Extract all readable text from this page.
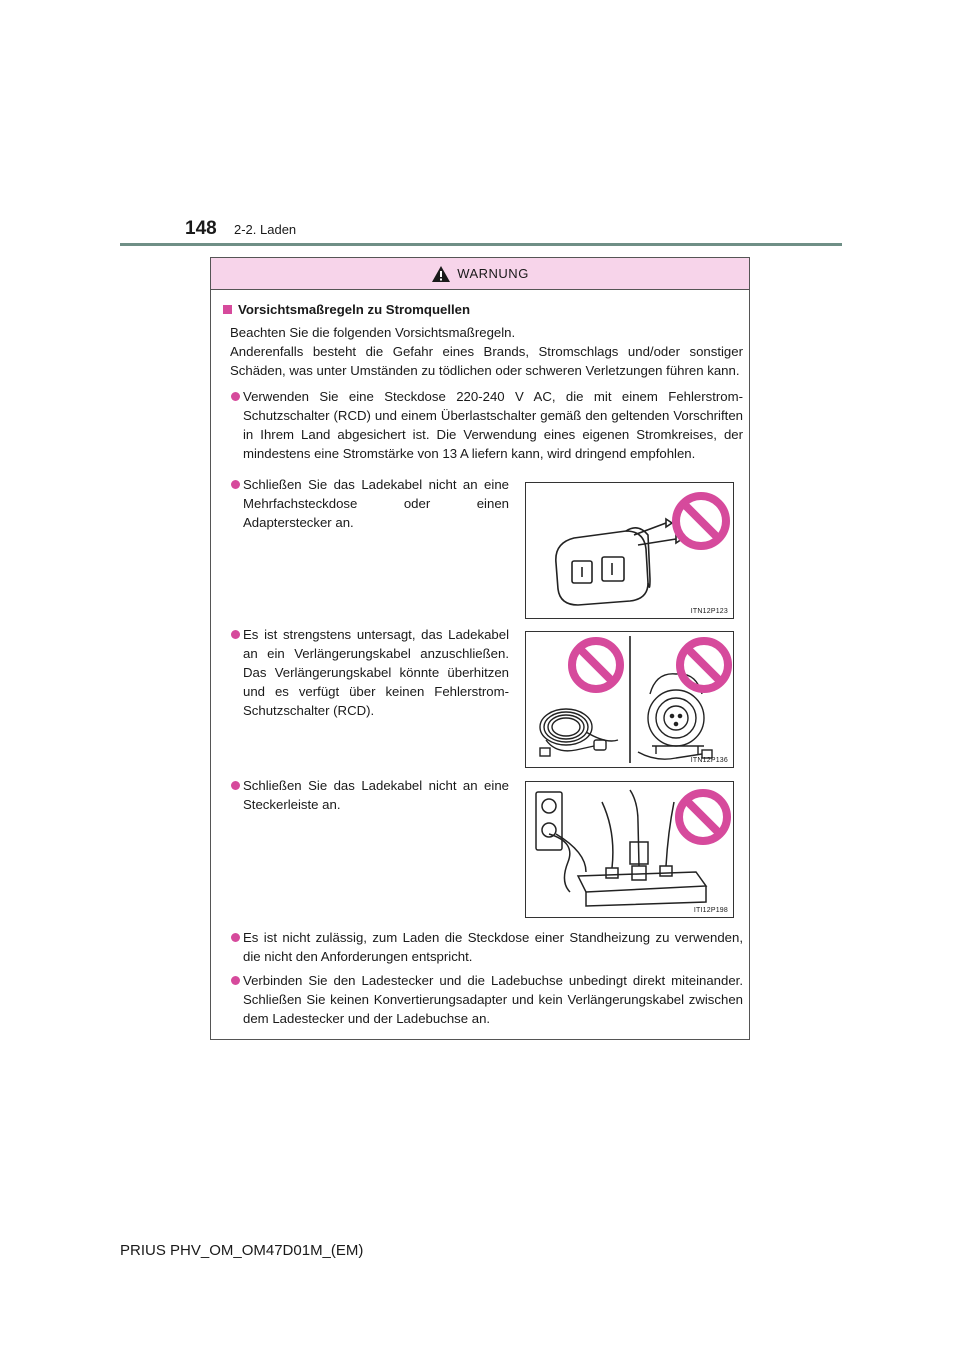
148 2-2. Laden
WARNUNG
Vorsichtsmaßregeln zu Stromquellen
Beachten Sie die folgenden Vorsichtsmaßregeln.
Anderenfalls besteht die Gefahr eines Brands, Stromschlags und/oder sonstiger Schäden, was unter Umständen zu tödlichen oder schweren Verletzungen führen kann.
Verwenden Sie eine Steckdose 220-240 V AC, die mit einem Fehlerstrom-Schutzschalter (RCD) und einem Überlastschalter gemäß den geltenden Vorschriften in Ihrem Land abgesichert ist. Die Verwendung eines eigenen Stromkreises, der mindestens eine Stromstärke von 13 A liefern kann, wird dringend empfohlen.
Schließen Sie das Ladekabel nicht an eine Mehrfachsteckdose oder einen Adapterstecker an.
ITN12P123
Es ist strengstens untersagt, das Ladekabel an ein Verlängerungskabel anzuschließen. Das Verlängerungskabel könnte überhitzen und es verfügt über keinen Fehlerstrom-Schutzschalter (RCD).
ITN12P136
Schließen Sie das Ladekabel nicht an eine Steckerleiste an.
ITI12P198
Es ist nicht zulässig, zum Laden die Steckdose einer Standheizung zu verwenden, die nicht den Anforderungen entspricht.
Verbinden Sie den Ladestecker und die Ladebuchse unbedingt direkt miteinander. Schließen Sie keinen Konvertierungsadapter und kein Verlängerungskabel zwischen dem Ladestecker und der Ladebuchse an.
PRIUS PHV_OM_OM47D01M_(EM)
